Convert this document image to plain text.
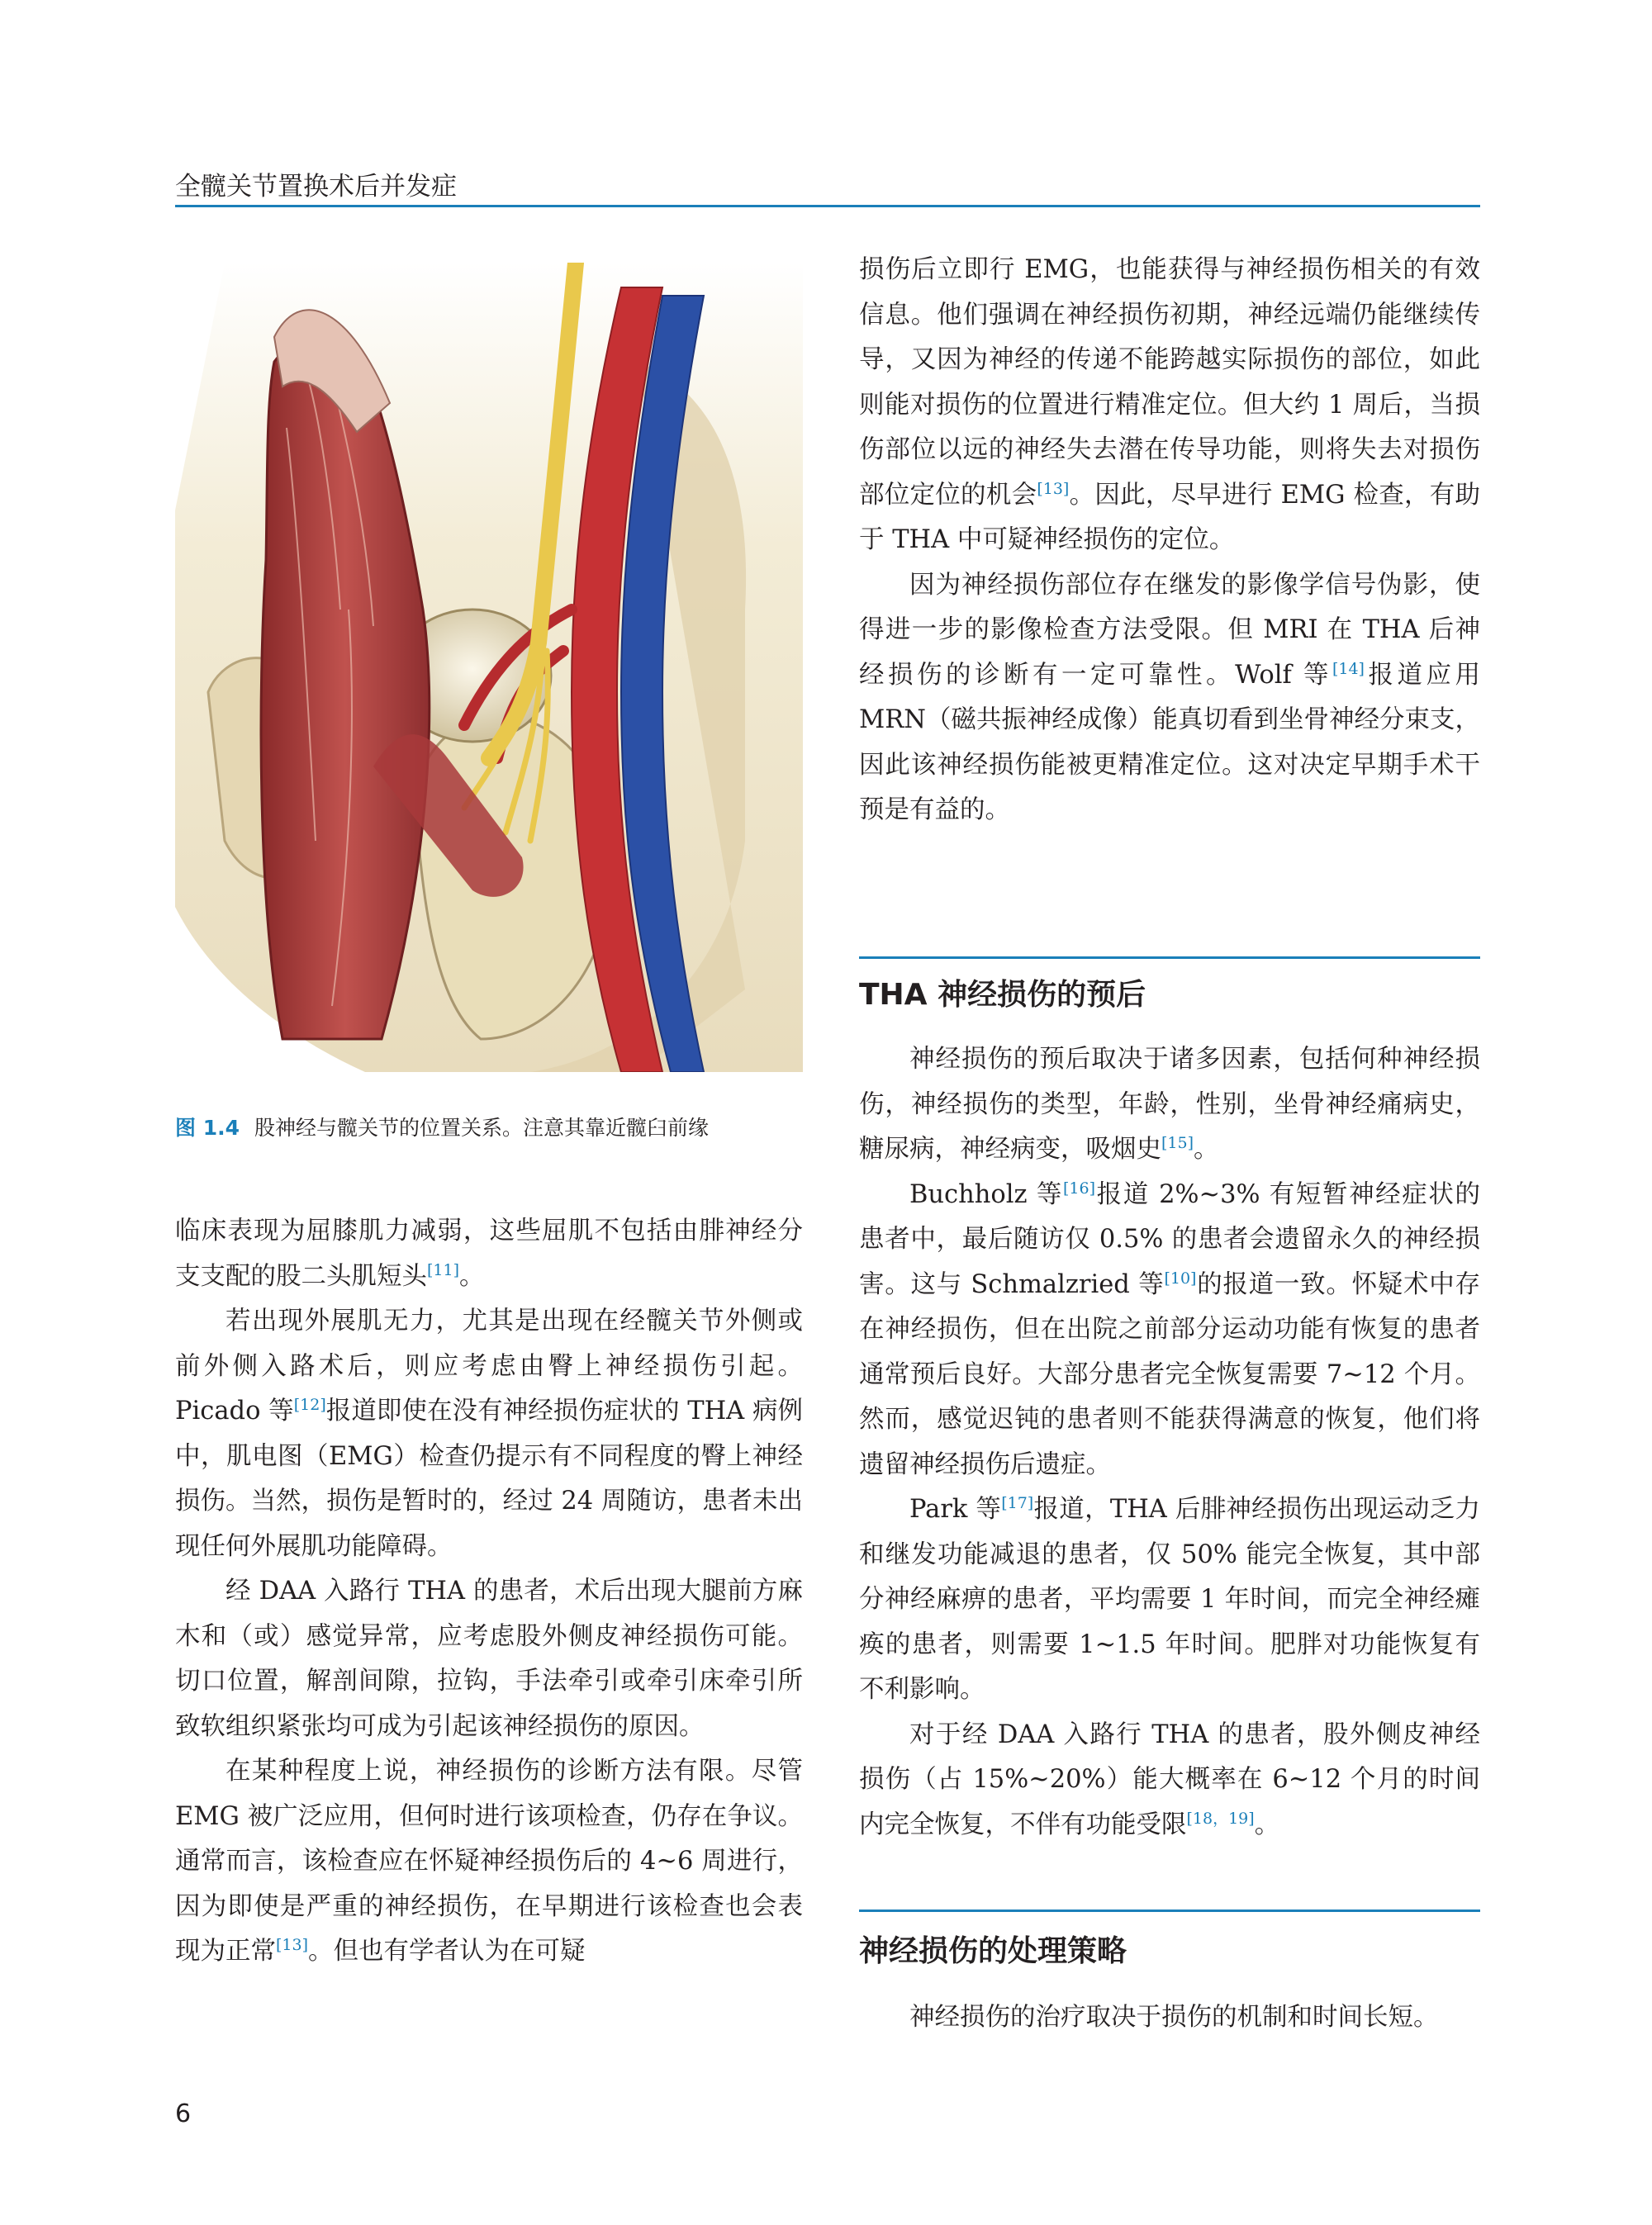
全髋关节置换术后并发症
图 1.4 股神经与髋关节的位置关系。注意其靠近髋臼前缘

临床表现为屈膝肌力减弱，这些屈肌不包括由腓神经分支支配的股二头肌短头[11]。

若出现外展肌无力，尤其是出现在经髋关节外侧或前外侧入路术后，则应考虑由臀上神经损伤引起。Picado 等[12]报道即使在没有神经损伤症状的 THA 病例中，肌电图（EMG）检查仍提示有不同程度的臀上神经损伤。当然，损伤是暂时的，经过 24 周随访，患者未出现任何外展肌功能障碍。

经 DAA 入路行 THA 的患者，术后出现大腿前方麻木和（或）感觉异常，应考虑股外侧皮神经损伤可能。切口位置，解剖间隙，拉钩，手法牵引或牵引床牵引所致软组织紧张均可成为引起该神经损伤的原因。

在某种程度上说，神经损伤的诊断方法有限。尽管 EMG 被广泛应用，但何时进行该项检查，仍存在争议。通常而言，该检查应在怀疑神经损伤后的 4~6 周进行，因为即使是严重的神经损伤，在早期进行该检查也会表现为正常[13]。但也有学者认为在可疑

损伤后立即行 EMG，也能获得与神经损伤相关的有效信息。他们强调在神经损伤初期，神经远端仍能继续传导，又因为神经的传递不能跨越实际损伤的部位，如此则能对损伤的位置进行精准定位。但大约 1 周后，当损伤部位以远的神经失去潜在传导功能，则将失去对损伤部位定位的机会[13]。因此，尽早进行 EMG 检查，有助于 THA 中可疑神经损伤的定位。

因为神经损伤部位存在继发的影像学信号伪影，使得进一步的影像检查方法受限。但 MRI 在 THA 后神经损伤的诊断有一定可靠性。Wolf 等[14]报道应用 MRN（磁共振神经成像）能真切看到坐骨神经分束支，因此该神经损伤能被更精准定位。这对决定早期手术干预是有益的。

THA 神经损伤的预后

神经损伤的预后取决于诸多因素，包括何种神经损伤，神经损伤的类型，年龄，性别，坐骨神经痛病史，糖尿病，神经病变，吸烟史[15]。

Buchholz 等[16]报道 2%~3% 有短暂神经症状的患者中，最后随访仅 0.5% 的患者会遗留永久的神经损害。这与 Schmalzried 等[10]的报道一致。怀疑术中存在神经损伤，但在出院之前部分运动功能有恢复的患者通常预后良好。大部分患者完全恢复需要 7~12 个月。然而，感觉迟钝的患者则不能获得满意的恢复，他们将遗留神经损伤后遗症。

Park 等[17]报道，THA 后腓神经损伤出现运动乏力和继发功能减退的患者，仅 50% 能完全恢复，其中部分神经麻痹的患者，平均需要 1 年时间，而完全神经瘫痪的患者，则需要 1~1.5 年时间。肥胖对功能恢复有不利影响。

对于经 DAA 入路行 THA 的患者，股外侧皮神经损伤（占 15%~20%）能大概率在 6~12 个月的时间内完全恢复，不伴有功能受限[18，19]。

神经损伤的处理策略

神经损伤的治疗取决于损伤的机制和时间长短。

6
